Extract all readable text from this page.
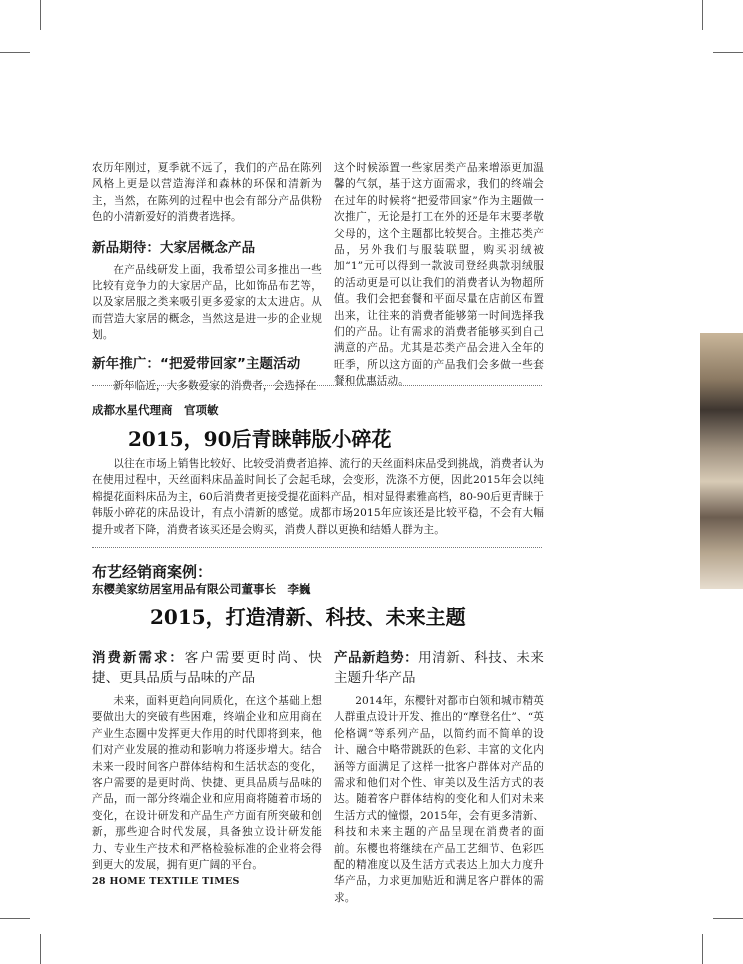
农历年刚过，夏季就不远了，我们的产品在陈列风格上更是以营造海洋和森林的环保和清新为主，当然，在陈列的过程中也会有部分产品供粉色的小清新爱好的消费者选择。

新品期待：大家居概念产品

在产品线研发上面，我希望公司多推出一些比较有竞争力的大家居产品，比如饰品布艺等，以及家居服之类来吸引更多爱家的太太进店。从而营造大家居的概念，当然这是进一步的企业规划。

新年推广：“把爱带回家”主题活动

新年临近，大多数爱家的消费者，会选择在

这个时候添置一些家居类产品来增添更加温馨的气氛，基于这方面需求，我们的终端会在过年的时候将“把爱带回家”作为主题做一次推广，无论是打工在外的还是年末要孝敬父母的，这个主题都比较契合。主推芯类产品，另外我们与服装联盟，购买羽绒被加“1”元可以得到一款波司登经典款羽绒服的活动更是可以让我们的消费者认为物超所值。我们会把套餐和平面尽量在店前区布置出来，让往来的消费者能够第一时间选择我们的产品。让有需求的消费者能够买到自己满意的产品。尤其是芯类产品会进入全年的旺季，所以这方面的产品我们会多做一些套餐和优惠活动。

成都水星代理商　官项敏
2015，90后青睐韩版小碎花

以往在市场上销售比较好、比较受消费者追捧、流行的天丝面料床品受到挑战，消费者认为在使用过程中，天丝面料床品盖时间长了会起毛球，会变形，洗涤不方便，因此2015年会以纯棉提花面料床品为主，60后消费者更接受提花面料产品，相对显得素雅高档，80-90后更青睐于韩版小碎花的床品设计，有点小清新的感觉。成都市场2015年应该还是比较平稳，不会有大幅提升或者下降，消费者该买还是会购买，消费人群以更换和结婚人群为主。

布艺经销商案例：
东樱美家纺居室用品有限公司董事长　李巍
2015，打造清新、科技、未来主题
消费新需求：客户需要更时尚、快捷、更具品质与品味的产品

未来，面料更趋向同质化，在这个基础上想要做出大的突破有些困难，终端企业和应用商在产业生态圈中发挥更大作用的时代即将到来，他们对产业发展的推动和影响力将逐步增大。结合未来一段时间客户群体结构和生活状态的变化，客户需要的是更时尚、快捷、更具品质与品味的产品，而一部分终端企业和应用商将随着市场的变化，在设计研发和产品生产方面有所突破和创新，那些迎合时代发展，具备独立设计研发能力、专业生产技术和严格检验标准的企业将会得到更大的发展，拥有更广阔的平台。

产品新趋势：用清新、科技、未来主题升华产品

2014年，东樱针对都市白领和城市精英人群重点设计开发、推出的“摩登名仕”、“英伦格调”等系列产品，以简约而不简单的设计、融合中略带跳跃的色彩、丰富的文化内涵等方面满足了这样一批客户群体对产品的需求和他们对个性、审美以及生活方式的表达。随着客户群体结构的变化和人们对未来生活方式的憧憬，2015年，会有更多清新、科技和未来主题的产品呈现在消费者的面前。东樱也将继续在产品工艺细节、色彩匹配的精准度以及生活方式表达上加大力度升华产品，力求更加贴近和满足客户群体的需求。

28 HOME TEXTILE TIMES
